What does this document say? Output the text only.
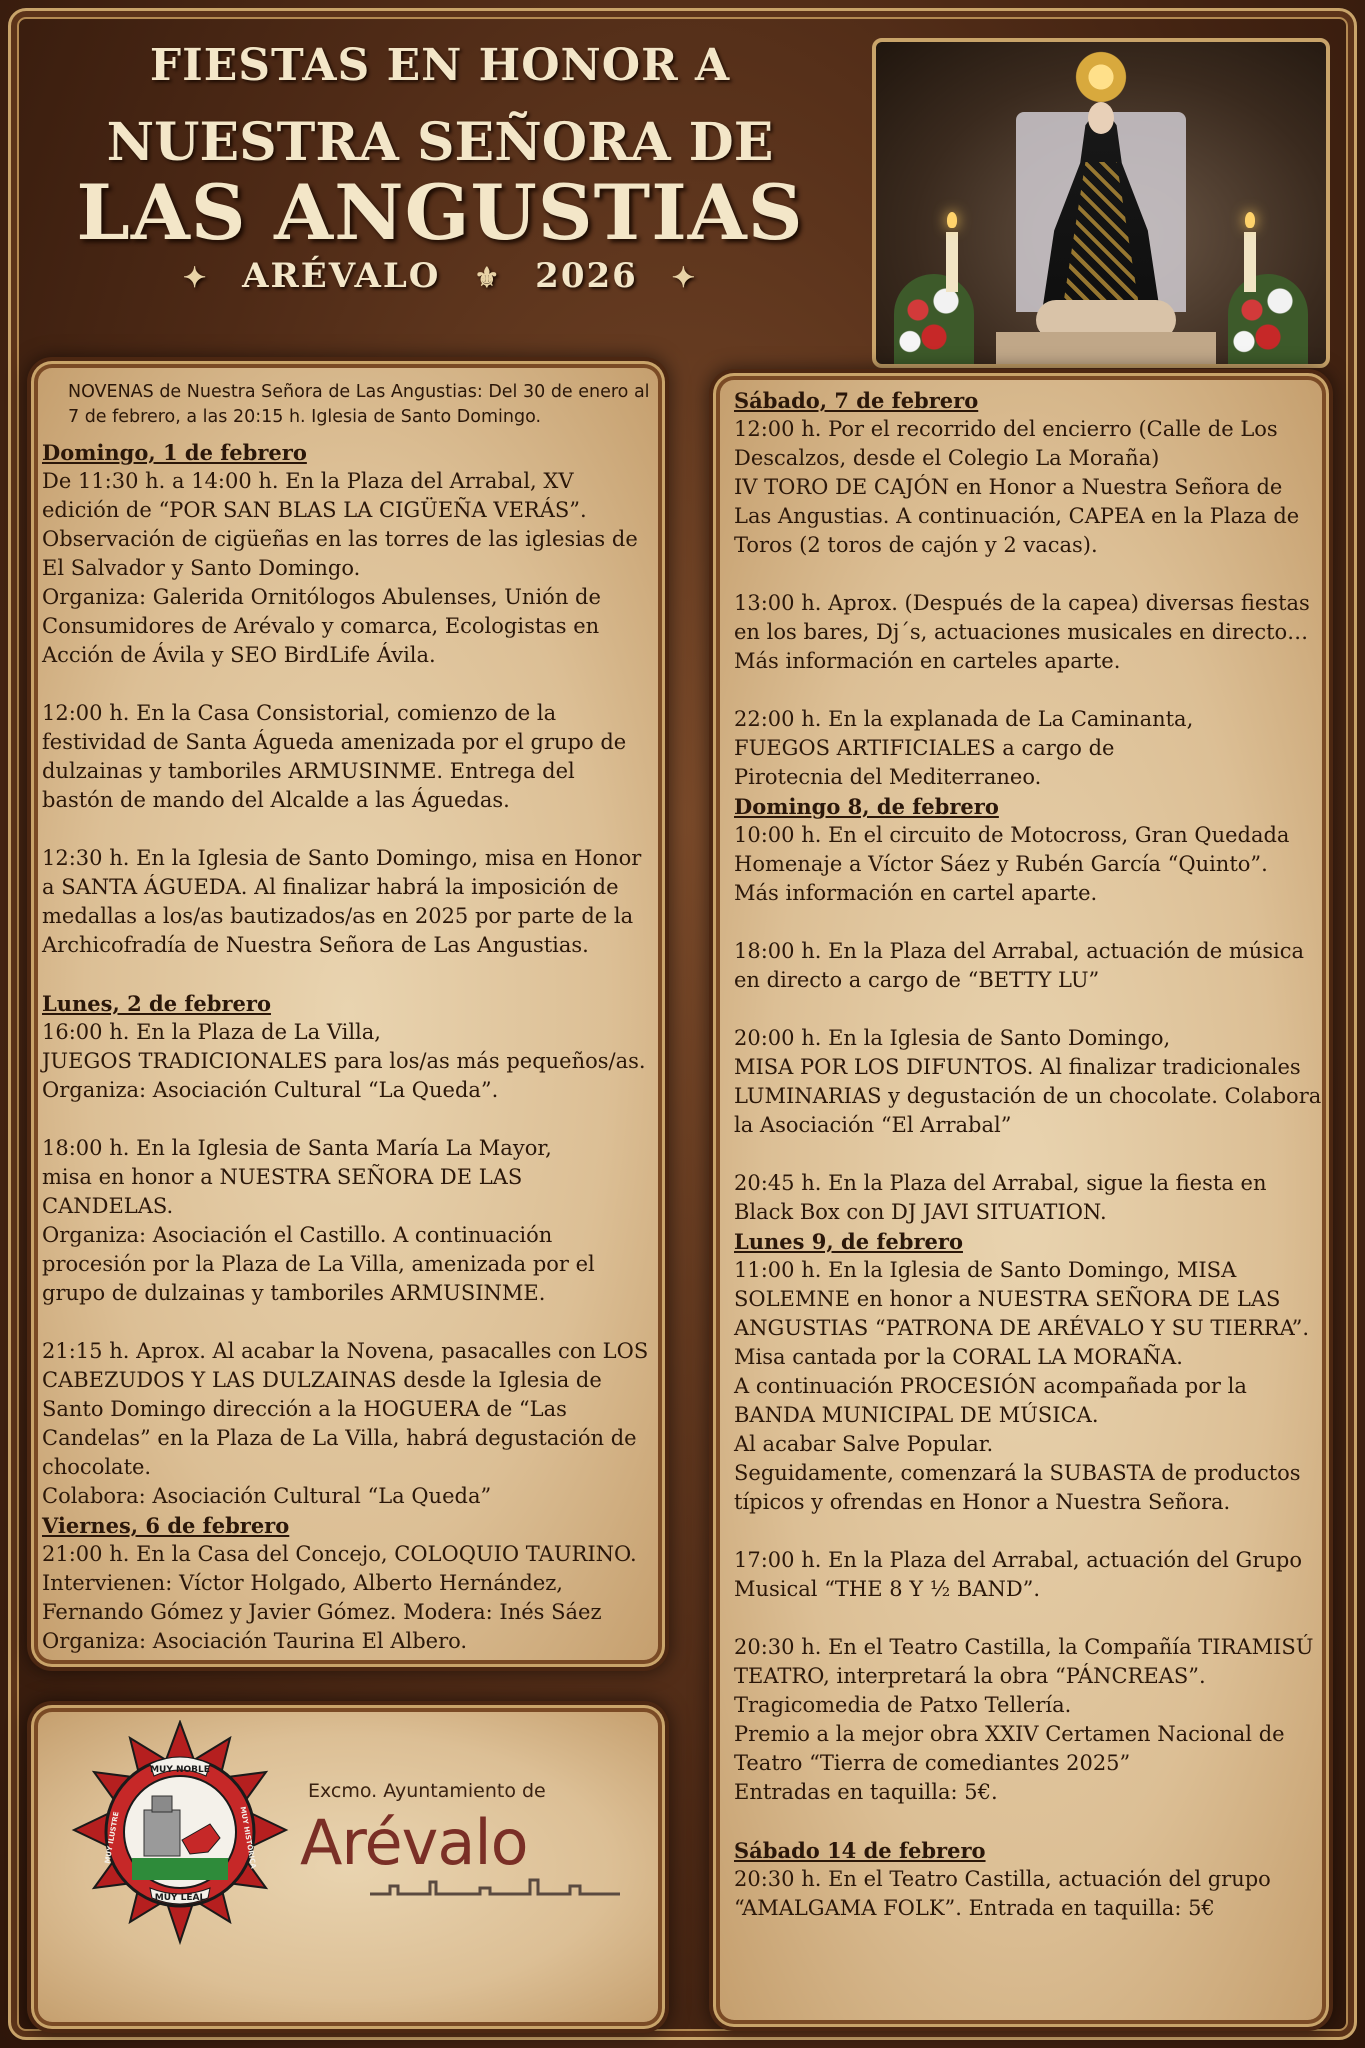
FIESTAS EN HONOR A
NUESTRA SEÑORA DE
LAS ANGUSTIAS
✦ ARÉVALO ⚜ 2026 ✦

NOVENAS de Nuestra Señora de Las Angustias: Del 30 de enero al 7 de febrero, a las 20:15 h. Iglesia de Santo Domingo.

Domingo, 1 de febrero

De 11:30 h. a 14:00 h. En la Plaza del Arrabal, XV edición de “POR SAN BLAS LA CIGÜEÑA VERÁS”.

Observación de cigüeñas en las torres de las iglesias de El Salvador y Santo Domingo.

Organiza: Galerida Ornitólogos Abulenses, Unión de Consumidores de Arévalo y comarca, Ecologistas en Acción de Ávila y SEO BirdLife Ávila.

12:00 h. En la Casa Consistorial, comienzo de la festividad de Santa Águeda amenizada por el grupo de dulzainas y tamboriles ARMUSINME. Entrega del bastón de mando del Alcalde a las Águedas.

12:30 h. En la Iglesia de Santo Domingo, misa en Honor a SANTA ÁGUEDA. Al finalizar habrá la imposición de medallas a los/as bautizados/as en 2025 por parte de la Archicofradía de Nuestra Señora de Las Angustias.

Lunes, 2 de febrero

16:00 h. En la Plaza de La Villa,

JUEGOS TRADICIONALES para los/as más pequeños/as.

Organiza: Asociación Cultural “La Queda”.

18:00 h. En la Iglesia de Santa María La Mayor,

misa en honor a NUESTRA SEÑORA DE LAS CANDELAS.

Organiza: Asociación el Castillo. A continuación procesión por la Plaza de La Villa, amenizada por el grupo de dulzainas y tamboriles ARMUSINME.

21:15 h. Aprox. Al acabar la Novena, pasacalles con LOS CABEZUDOS Y LAS DULZAINAS desde la Iglesia de Santo Domingo dirección a la HOGUERA de “Las Candelas” en la Plaza de La Villa, habrá degustación de chocolate.

Colabora: Asociación Cultural “La Queda”

Viernes, 6 de febrero

21:00 h. En la Casa del Concejo, COLOQUIO TAURINO. Intervienen: Víctor Holgado, Alberto Hernández, Fernando Gómez y Javier Gómez. Modera: Inés Sáez

Organiza: Asociación Taurina El Albero.

Sábado, 7 de febrero

12:00 h. Por el recorrido del encierro (Calle de Los Descalzos, desde el Colegio La Moraña)

IV TORO DE CAJÓN en Honor a Nuestra Señora de Las Angustias. A continuación, CAPEA en la Plaza de Toros (2 toros de cajón y 2 vacas).

13:00 h. Aprox. (Después de la capea) diversas fiestas en los bares, Dj´s, actuaciones musicales en directo…

Más información en carteles aparte.

22:00 h. En la explanada de La Caminanta,

FUEGOS ARTIFICIALES a cargo de

Pirotecnia del Mediterraneo.

Domingo 8, de febrero

10:00 h. En el circuito de Motocross, Gran Quedada Homenaje a Víctor Sáez y Rubén García “Quinto”.

Más información en cartel aparte.

18:00 h. En la Plaza del Arrabal, actuación de música en directo a cargo de “BETTY LU”

20:00 h. En la Iglesia de Santo Domingo,

MISA POR LOS DIFUNTOS. Al finalizar tradicionales LUMINARIAS y degustación de un chocolate. Colabora la Asociación “El Arrabal”

20:45 h. En la Plaza del Arrabal, sigue la fiesta en Black Box con DJ JAVI SITUATION.

Lunes 9, de febrero

11:00 h. En la Iglesia de Santo Domingo, MISA SOLEMNE en honor a NUESTRA SEÑORA DE LAS ANGUSTIAS “PATRONA DE ARÉVALO Y SU TIERRA”.

Misa cantada por la CORAL LA MORAÑA.

A continuación PROCESIÓN acompañada por la BANDA MUNICIPAL DE MÚSICA.

Al acabar Salve Popular.

Seguidamente, comenzará la SUBASTA de productos típicos y ofrendas en Honor a Nuestra Señora.

17:00 h. En la Plaza del Arrabal, actuación del Grupo Musical “THE 8 Y ½ BAND”.

20:30 h. En el Teatro Castilla, la Compañía TIRAMISÚ TEATRO, interpretará la obra “PÁNCREAS”.

Tragicomedia de Patxo Tellería.

Premio a la mejor obra XXIV Certamen Nacional de Teatro “Tierra de comediantes 2025”

Entradas en taquilla: 5€.

Sábado 14 de febrero

20:30 h. En el Teatro Castilla, actuación del grupo “AMALGAMA FOLK”. Entrada en taquilla: 5€

MUY NOBLE
MUY LEAL
MUY ILUSTRE	MUY HISTÓRICA
Excmo. Ayuntamiento de
Arévalo
